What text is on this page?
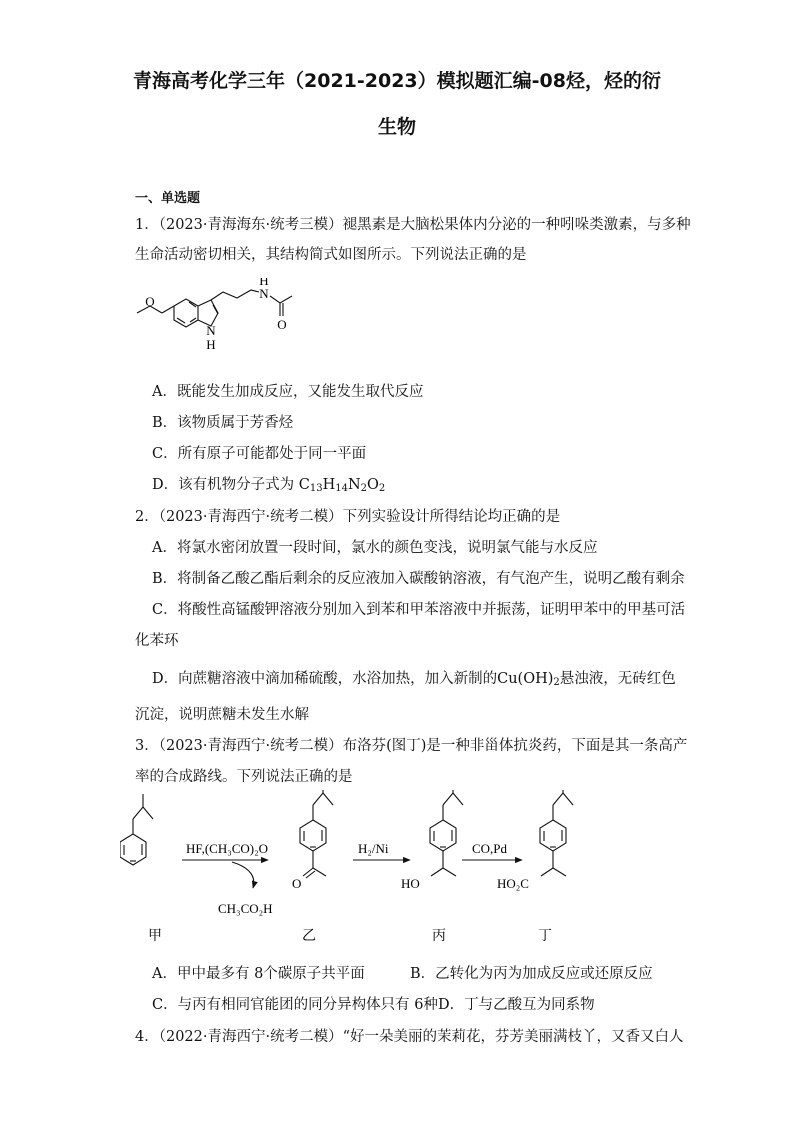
青海高考化学三年（2021-2023）模拟题汇编-08烃，烃的衍
生物
一、单选题
1．（2023·青海海东·统考三模）褪黑素是大脑松果体内分泌的一种吲哚类激素，与多种
生命活动密切相关，其结构简式如图所示。下列说法正确的是
O
N
H
H
N
O
A．既能发生加成反应，又能发生取代反应
B．该物质属于芳香烃
C．所有原子可能都处于同一平面
D．该有机物分子式为 $C_{13}H_{14}N_2O_2$
2．（2023·青海西宁·统考二模）下列实验设计所得结论均正确的是
A．将氯水密闭放置一段时间，氯水的颜色变浅，说明氯气能与水反应
B．将制备乙酸乙酯后剩余的反应液加入碳酸钠溶液，有气泡产生，说明乙酸有剩余
C．将酸性高锰酸钾溶液分别加入到苯和甲苯溶液中并振荡，证明甲苯中的甲基可活
化苯环
D．向蔗糖溶液中滴加稀硫酸，水浴加热，加入新制的$Cu(OH)_2$悬浊液，无砖红色
沉淀，说明蔗糖未发生水解
3．（2023·青海西宁·统考二模）布洛芬(图丁)是一种非甾体抗炎药，下面是其一条高产
率的合成路线。下列说法正确的是
HF,(CH₃CO)₂O
CH₃CO₂H
H₂/Ni	CO,Pd
O	HO	HO₂C
甲	乙	丙	丁
A．甲中最多有 8个碳原子共平面	B．乙转化为丙为加成反应或还原反应
C．与丙有相同官能团的同分异构体只有 6种 D．丁与乙酸互为同系物
4．（2022·青海西宁·统考二模）“好一朵美丽的茉莉花，芬芳美丽满枝丫，又香又白人
